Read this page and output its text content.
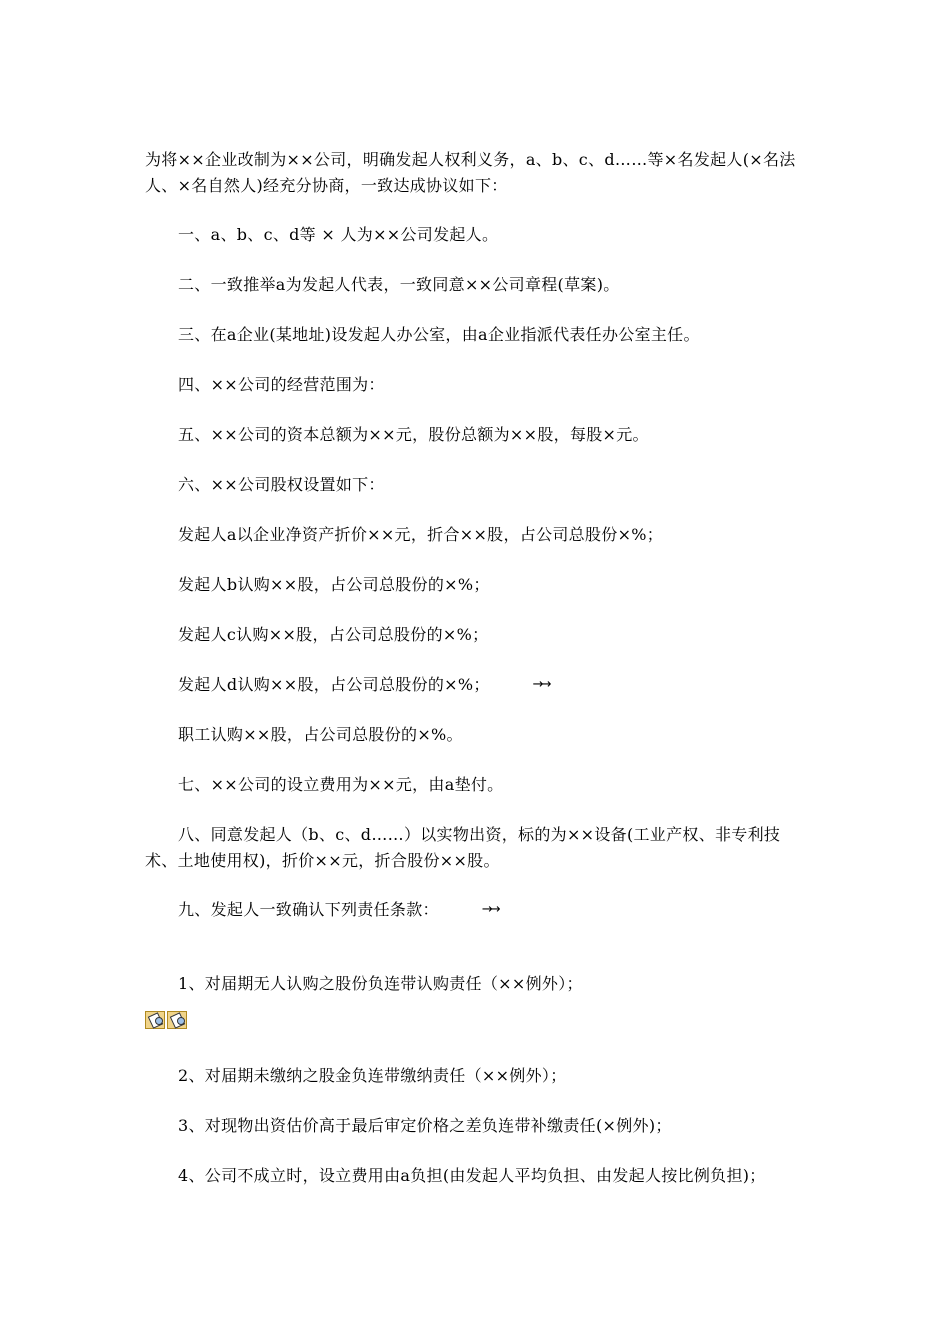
为将××企业改制为××公司，明确发起人权利义务，a、b、c、d……等×名发起人(×名法人、×名自然人)经充分协商，一致达成协议如下：

一、a、b、c、d等 × 人为××公司发起人。

二、一致推举a为发起人代表，一致同意××公司章程(草案)。

三、在a企业(某地址)设发起人办公室，由a企业指派代表任办公室主任。

四、××公司的经营范围为：

五、××公司的资本总额为××元，股份总额为××股，每股×元。

六、××公司股权设置如下：

发起人a以企业净资产折价××元，折合××股，占公司总股份×%；

发起人b认购××股，占公司总股份的×%；

发起人c认购××股，占公司总股份的×%；

发起人d认购××股，占公司总股份的×%；	→→

职工认购××股，占公司总股份的×%。

七、××公司的设立费用为××元，由a垫付。

八、同意发起人（b、c、d……）以实物出资，标的为××设备(工业产权、非专利技术、土地使用权)，折价××元，折合股份××股。

九、发起人一致确认下列责任条款：	→→

1、对届期无人认购之股份负连带认购责任（××例外）；

2、对届期未缴纳之股金负连带缴纳责任（××例外）；

3、对现物出资估价高于最后审定价格之差负连带补缴责任(×例外)；

4、公司不成立时，设立费用由a负担(由发起人平均负担、由发起人按比例负担)；
